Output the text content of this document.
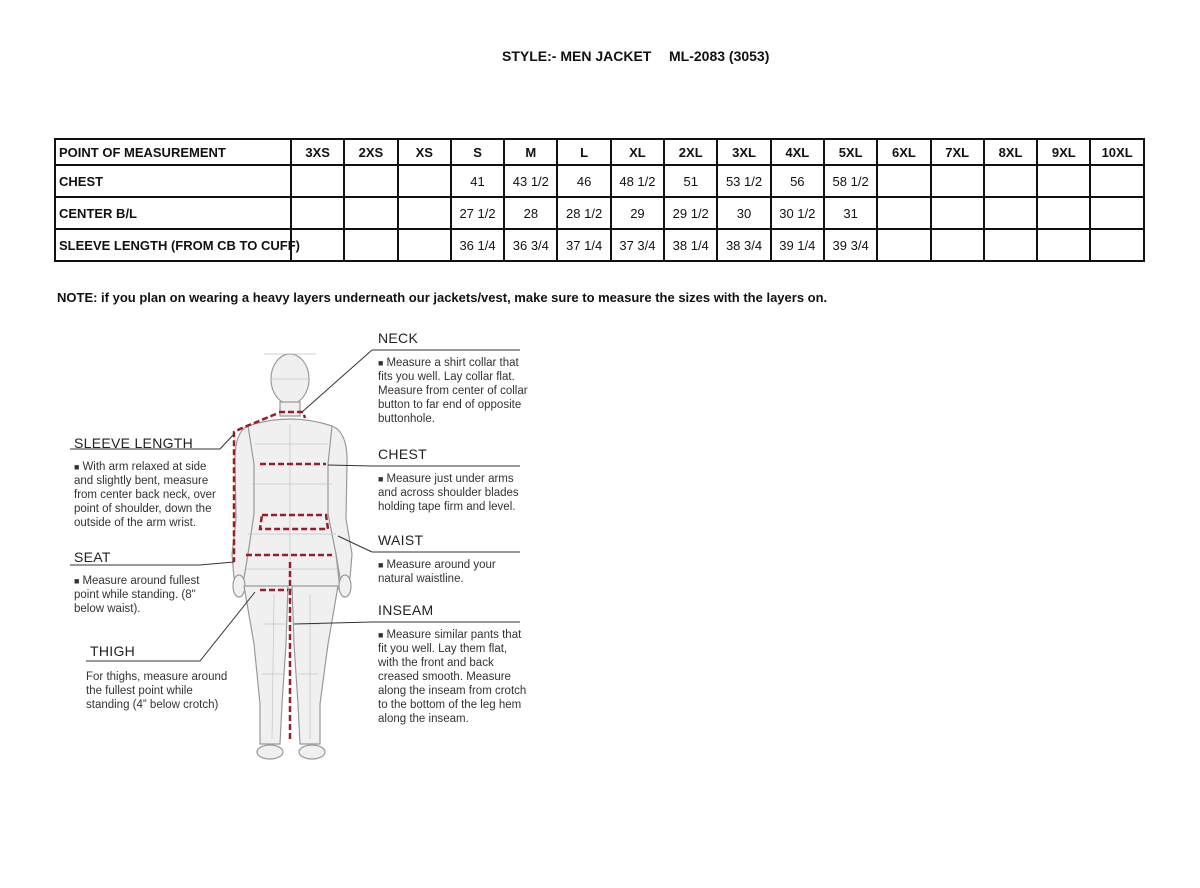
STYLE:- MEN JACKET ML-2083 (3053)
POINT OF MEASUREMENT	3XS	2XS	XS	S	M	L	XL	2XL	3XL	4XL	5XL	6XL	7XL	8XL	9XL	10XL
CHEST				41	43 1/2	46	48 1/2	51	53 1/2	56	58 1/2					
CENTER B/L				27 1/2	28	28 1/2	29	29 1/2	30	30 1/2	31					
SLEEVE LENGTH (FROM CB TO CUFF)				36 1/4	36 3/4	37 1/4	37 3/4	38 1/4	38 3/4	39 1/4	39 3/4					
NOTE: if you plan on wearing a heavy layers underneath our jackets/vest, make sure to measure the sizes with the layers on.
NECK
■ Measure a shirt collar that fits you well. Lay collar flat. Measure from center of collar button to far end of opposite buttonhole.
CHEST
■ Measure just under arms and across shoulder blades holding tape firm and level.
WAIST
■ Measure around your natural waistline.
INSEAM
■ Measure similar pants that fit you well. Lay them flat, with the front and back creased smooth. Measure along the inseam from crotch to the bottom of the leg hem along the inseam.
SLEEVE LENGTH
■ With arm relaxed at side and slightly bent, measure from center back neck, over point of shoulder, down the outside of the arm wrist.
SEAT
■ Measure around fullest point while standing. (8" below waist).
THIGH
For thighs, measure around the fullest point while standing (4” below crotch)
